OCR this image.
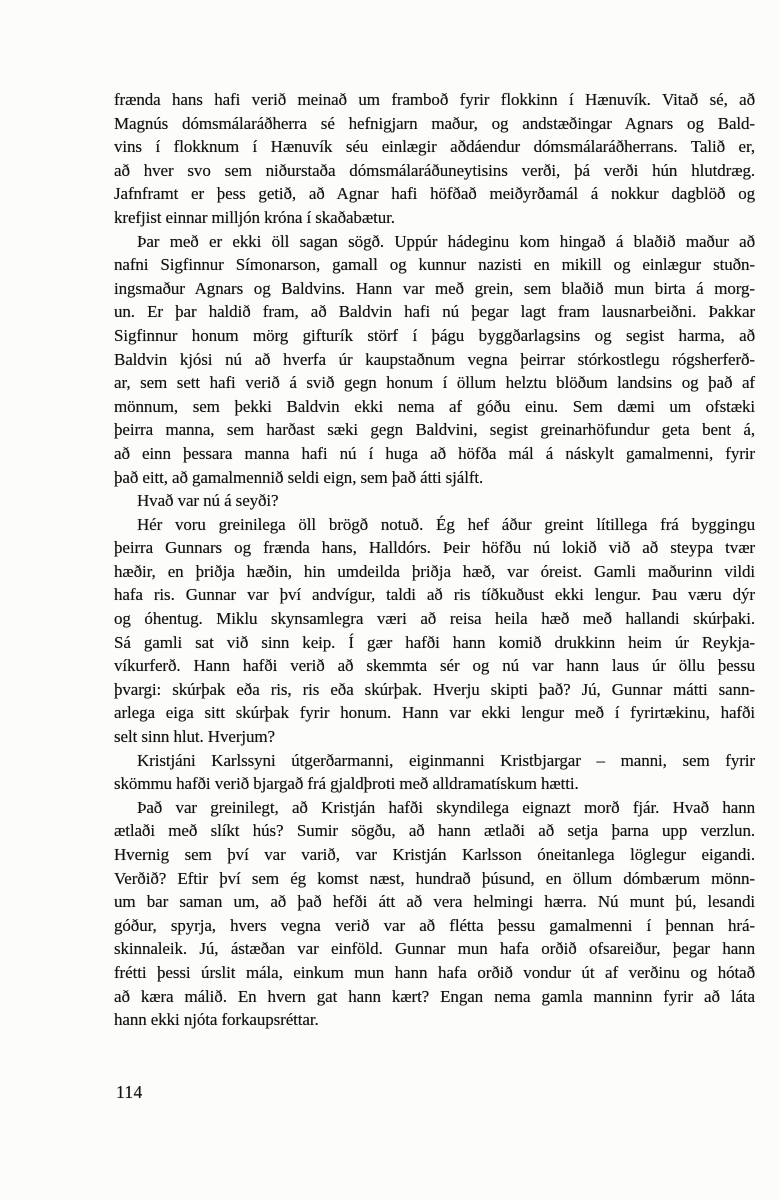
frænda hans hafi verið meinað um framboð fyrir flokkinn í Hænuvík. Vitað sé, að
Magnús dómsmálaráðherra sé hefnigjarn maður, og andstæðingar Agnars og Bald-
vins í flokknum í Hænuvík séu einlægir aðdáendur dómsmálaráðherrans. Talið er,
að hver svo sem niðurstaða dómsmálaráðuneytisins verði, þá verði hún hlutdræg.
Jafnframt er þess getið, að Agnar hafi höfðað meiðyrðamál á nokkur dagblöð og
krefjist einnar milljón króna í skaðabætur.

Þar með er ekki öll sagan sögð. Uppúr hádeginu kom hingað á blaðið maður að
nafni Sigfinnur Símonarson, gamall og kunnur nazisti en mikill og einlægur stuðn-
ingsmaður Agnars og Baldvins. Hann var með grein, sem blaðið mun birta á morg-
un. Er þar haldið fram, að Baldvin hafi nú þegar lagt fram lausnarbeiðni. Þakkar
Sigfinnur honum mörg gifturík störf í þágu byggðarlagsins og segist harma, að
Baldvin kjósi nú að hverfa úr kaupstaðnum vegna þeirrar stórkostlegu rógsherferð-
ar, sem sett hafi verið á svið gegn honum í öllum helztu blöðum landsins og það af
mönnum, sem þekki Baldvin ekki nema af góðu einu. Sem dæmi um ofstæki
þeirra manna, sem harðast sæki gegn Baldvini, segist greinarhöfundur geta bent á,
að einn þessara manna hafi nú í huga að höfða mál á náskylt gamalmenni, fyrir
það eitt, að gamalmennið seldi eign, sem það átti sjálft.

Hvað var nú á seyði?

Hér voru greinilega öll brögð notuð. Ég hef áður greint lítillega frá byggingu
þeirra Gunnars og frænda hans, Halldórs. Þeir höfðu nú lokið við að steypa tvær
hæðir, en þriðja hæðin, hin umdeilda þriðja hæð, var óreist. Gamli maðurinn vildi
hafa ris. Gunnar var því andvígur, taldi að ris tíðkuðust ekki lengur. Þau væru dýr
og óhentug. Miklu skynsamlegra væri að reisa heila hæð með hallandi skúrþaki.
Sá gamli sat við sinn keip. Í gær hafði hann komið drukkinn heim úr Reykja-
víkurferð. Hann hafði verið að skemmta sér og nú var hann laus úr öllu þessu
þvargi: skúrþak eða ris, ris eða skúrþak. Hverju skipti það? Jú, Gunnar mátti sann-
arlega eiga sitt skúrþak fyrir honum. Hann var ekki lengur með í fyrirtækinu, hafði
selt sinn hlut. Hverjum?

Kristjáni Karlssyni útgerðarmanni, eiginmanni Kristbjargar – manni, sem fyrir
skömmu hafði verið bjargað frá gjaldþroti með alldramatískum hætti.

Það var greinilegt, að Kristján hafði skyndilega eignazt morð fjár. Hvað hann
ætlaði með slíkt hús? Sumir sögðu, að hann ætlaði að setja þarna upp verzlun.
Hvernig sem því var varið, var Kristján Karlsson óneitanlega löglegur eigandi.
Verðið? Eftir því sem ég komst næst, hundrað þúsund, en öllum dómbærum mönn-
um bar saman um, að það hefði átt að vera helmingi hærra. Nú munt þú, lesandi
góður, spyrja, hvers vegna verið var að flétta þessu gamalmenni í þennan hrá-
skinnaleik. Jú, ástæðan var einföld. Gunnar mun hafa orðið ofsareiður, þegar hann
frétti þessi úrslit mála, einkum mun hann hafa orðið vondur út af verðinu og hótað
að kæra málið. En hvern gat hann kært? Engan nema gamla manninn fyrir að láta
hann ekki njóta forkaupsréttar.

114
